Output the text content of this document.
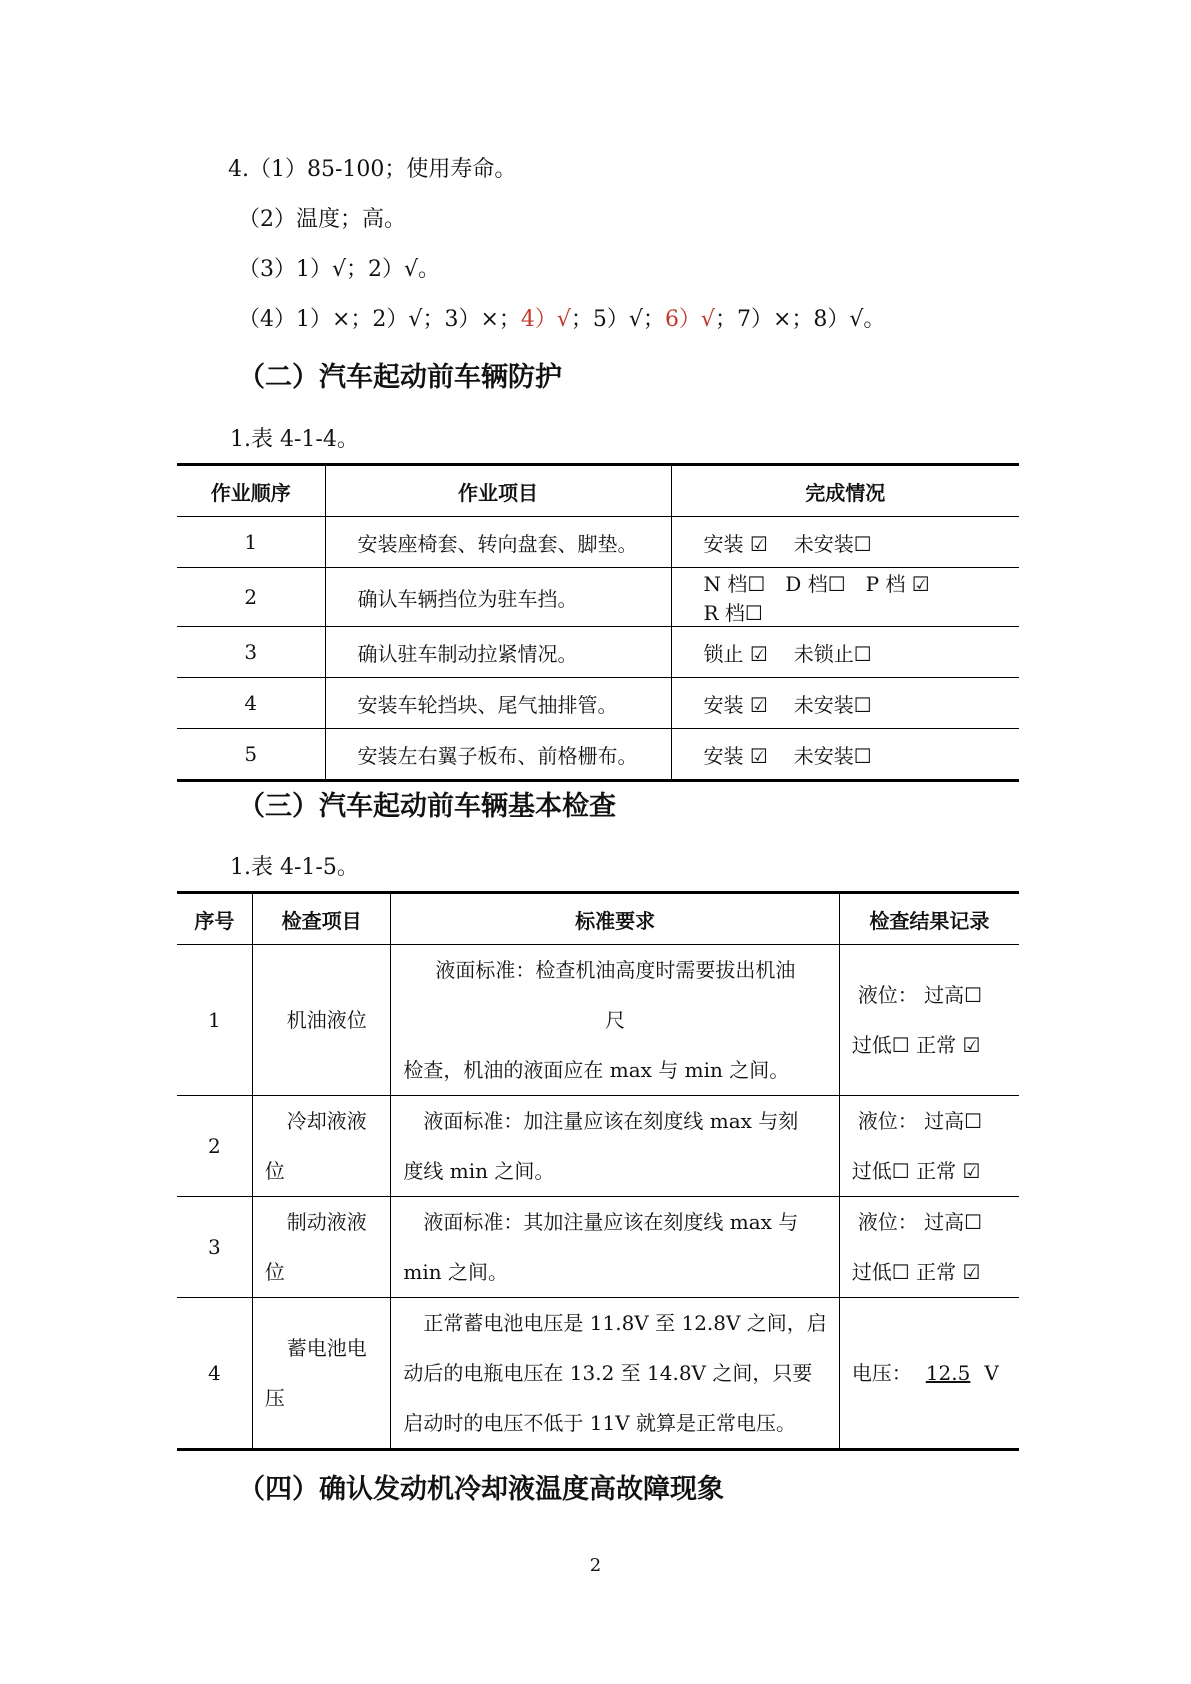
4.（1）85-100；使用寿命。
（2）温度；高。
（3）1）√；2）√。
（4）1）×；2）√；3）×；4）√；5）√；6）√；7）×；8）√。
（二）汽车起动前车辆防护
1.表 4-1-4。
作业顺序	作业项目	完成情况
1	安装座椅套、转向盘套、脚垫。	安装 ☑ 未安装☐
2	确认车辆挡位为驻车挡。	N 档☐ D 档☐ P 档 ☑R 档☐
3	确认驻车制动拉紧情况。	锁止 ☑ 未锁止☐
4	安装车轮挡块、尾气抽排管。	安装 ☑ 未安装☐
5	安装左右翼子板布、前格栅布。	安装 ☑ 未安装☐
（三）汽车起动前车辆基本检查
1.表 4-1-5。
序号	检查项目	标准要求	检查结果记录
1	机油液位	液面标准：检查机油高度时需要拔出机油
尺
检查，机油的液面应在 max 与 min 之间。	液位： 过高☐
过低☐ 正常 ☑

2	冷却液液
位	液面标准：加注量应该在刻度线 max 与刻
度线 min 之间。	液位： 过高☐
过低☐ 正常 ☑

3	制动液液
位	液面标准：其加注量应该在刻度线 max 与
min 之间。	液位： 过高☐
过低☐ 正常 ☑

4	蓄电池电
压	正常蓄电池电压是 11.8V 至 12.8V 之间，启
动后的电瓶电压在 13.2 至 14.8V 之间，只要
启动时的电压不低于 11V 就算是正常电压。	电压： 12.5 V
（四）确认发动机冷却液温度高故障现象
2
